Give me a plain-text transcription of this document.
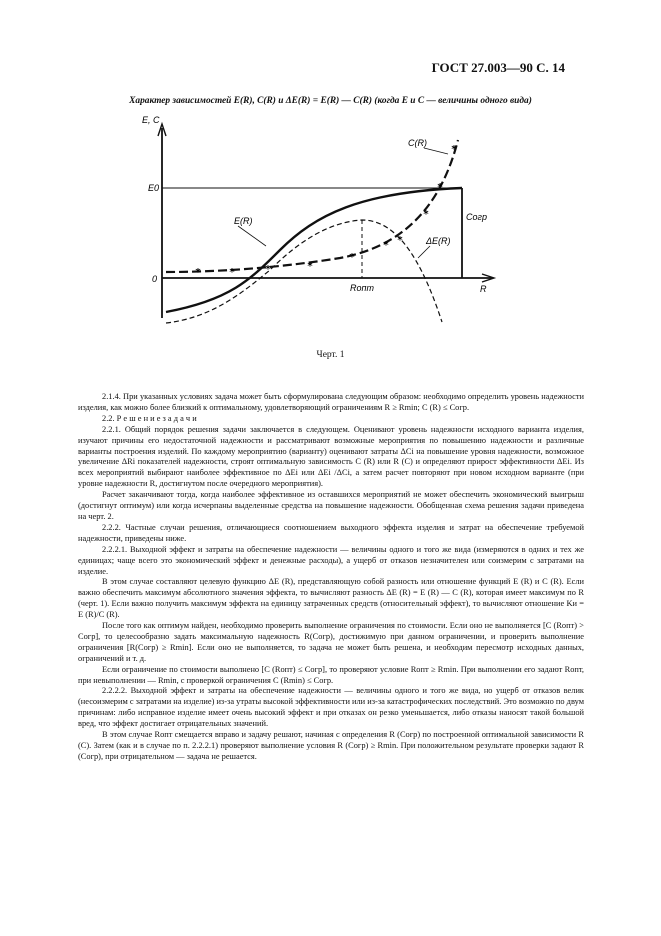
ГОСТ 27.003—90 С. 14
Характер зависимостей E(R), C(R) и ΔE(R) = E(R) — C(R) (когда E и C — величины одного вида)
*	*	*	*
*
* *
*
*
*
E, C
R
E0
0
Rопт
Cогр
C(R)
E(R)
ΔE(R)
Черт. 1

2.1.4. При указанных условиях задача может быть сформулирована следующим образом: необходимо определить уровень надежности изделия, как можно более близкий к оптимальному, удовлетворяющий ограничениям R ≥ Rmin; C (R) ≤ Cогр.

2.2. Р е ш е н и е з а д а ч и

2.2.1. Общий порядок решения задачи заключается в следующем. Оценивают уровень надежности исходного варианта изделия, изучают причины его недостаточной надежности и рассматривают возможные мероприятия по повышению надежности и различные варианты построения изделий. По каждому мероприятию (варианту) оценивают затраты ΔCi на повышение уровня надежности, возможное увеличение ΔRi показателей надежности, строят оптимальную зависимость C (R) или R (C) и определяют прирост эффективности ΔEi. Из всех мероприятий выбирают наиболее эффективное по ΔEi или ΔEi /ΔCi, а затем расчет повторяют при новом исходном варианте (при уровне надежности R, достигнутом после очередного мероприятия).

Расчет заканчивают тогда, когда наиболее эффективное из оставшихся мероприятий не может обеспечить экономический выигрыш (достигнут оптимум) или когда исчерпаны выделенные средства на повышение надежности. Обобщенная схема решения задачи приведена на черт. 2.

2.2.2. Частные случаи решения, отличающиеся соотношением выходного эффекта изделия и затрат на обеспечение требуемой надежности, приведены ниже.

2.2.2.1. Выходной эффект и затраты на обеспечение надежности — величины одного и того же вида (измеряются в одних и тех же единицах; чаще всего это экономический эффект и денежные расходы), а ущерб от отказов незначителен или соизмерим с затратами на изделие.

В этом случае составляют целевую функцию ΔE (R), представляющую собой разность или отношение функций E (R) и C (R). Если важно обеспечить максимум абсолютного значения эффекта, то вычисляют разность ΔE (R) = E (R) — C (R), которая имеет максимум по R (черт. 1). Если важно получить максимум эффекта на единицу затраченных средств (относительный эффект), то вычисляют отношение Kи = E (R)/C (R).

После того как оптимум найден, необходимо проверить выполнение ограничения по стоимости. Если оно не выполняется [C (Rопт) > Cогр], то целесообразно задать максимальную надежность R(Cогр), достижимую при данном ограничении, и проверить выполнение ограничения [R(Cогр) ≥ Rmin]. Если оно не выполняется, то задача не может быть решена, и необходим пересмотр исходных данных, ограничений и т. д.

Если ограничение по стоимости выполнено [C (Rопт) ≤ Cогр], то проверяют условие Rопт ≥ Rmin. При выполнении его задают Rопт, при невыполнении — Rmin, с проверкой ограничения C (Rmin) ≤ Cогр.

2.2.2.2. Выходной эффект и затраты на обеспечение надежности — величины одного и того же вида, но ущерб от отказов велик (несоизмерим с затратами на изделие) из-за утраты высокой эффективности или из-за катастрофических последствий. Это возможно по двум причинам: либо исправное изделие имеет очень высокий эффект и при отказах он резко уменьшается, либо отказы наносят такой большой вред, что эффект достигает отрицательных значений.

В этом случае Rопт смещается вправо и задачу решают, начиная с определения R (Cогр) по построенной оптимальной зависимости R (C). Затем (как и в случае по п. 2.2.2.1) проверяют выполнение условия R (Cогр) ≥ Rmin. При положительном результате проверки задают R (Cогр), при отрицательном — задача не решается.
